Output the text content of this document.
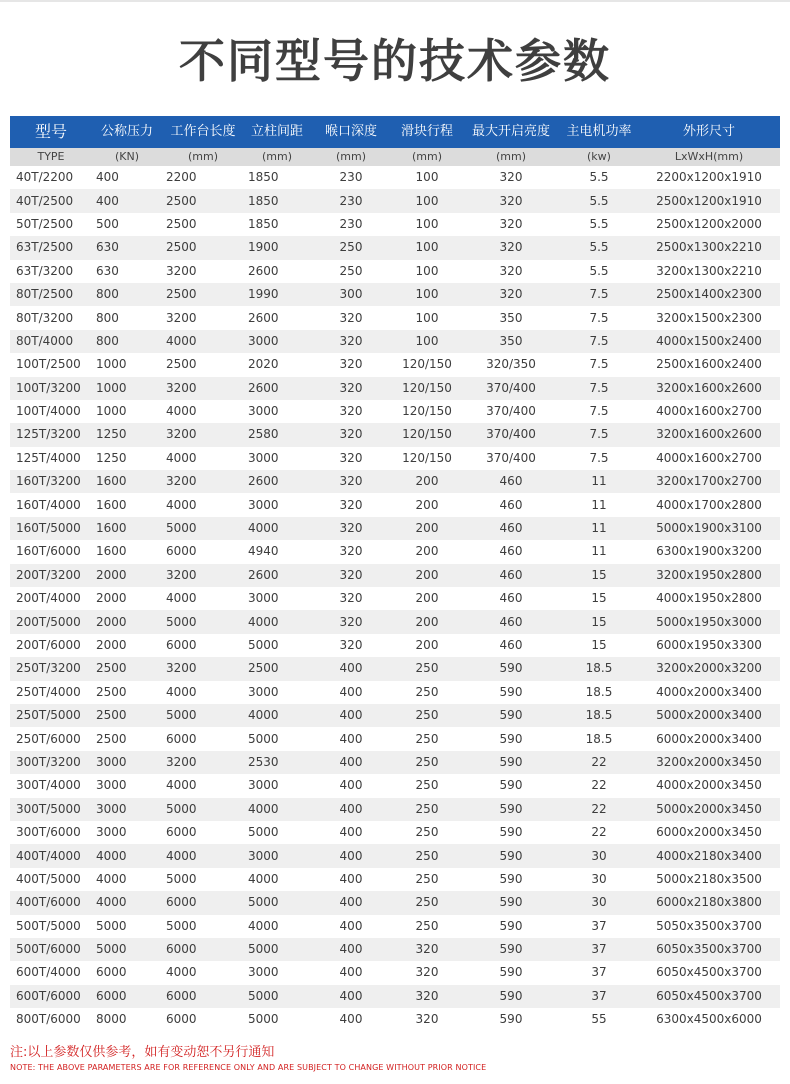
不同型号的技术参数
型号	公称压力	工作台长度	立柱间距	喉口深度	滑块行程	最大开启亮度	主电机功率	外形尺寸
TYPE	(KN)	(mm)	(mm)	(mm)	(mm)	(mm)	(kw)	LxWxH(mm)
40T/2200	400	2200	1850	230	100	320	5.5	2200x1200x1910
40T/2500	400	2500	1850	230	100	320	5.5	2500x1200x1910
50T/2500	500	2500	1850	230	100	320	5.5	2500x1200x2000
63T/2500	630	2500	1900	250	100	320	5.5	2500x1300x2210
63T/3200	630	3200	2600	250	100	320	5.5	3200x1300x2210
80T/2500	800	2500	1990	300	100	320	7.5	2500x1400x2300
80T/3200	800	3200	2600	320	100	350	7.5	3200x1500x2300
80T/4000	800	4000	3000	320	100	350	7.5	4000x1500x2400
100T/2500	1000	2500	2020	320	120/150	320/350	7.5	2500x1600x2400
100T/3200	1000	3200	2600	320	120/150	370/400	7.5	3200x1600x2600
100T/4000	1000	4000	3000	320	120/150	370/400	7.5	4000x1600x2700
125T/3200	1250	3200	2580	320	120/150	370/400	7.5	3200x1600x2600
125T/4000	1250	4000	3000	320	120/150	370/400	7.5	4000x1600x2700
160T/3200	1600	3200	2600	320	200	460	11	3200x1700x2700
160T/4000	1600	4000	3000	320	200	460	11	4000x1700x2800
160T/5000	1600	5000	4000	320	200	460	11	5000x1900x3100
160T/6000	1600	6000	4940	320	200	460	11	6300x1900x3200
200T/3200	2000	3200	2600	320	200	460	15	3200x1950x2800
200T/4000	2000	4000	3000	320	200	460	15	4000x1950x2800
200T/5000	2000	5000	4000	320	200	460	15	5000x1950x3000
200T/6000	2000	6000	5000	320	200	460	15	6000x1950x3300
250T/3200	2500	3200	2500	400	250	590	18.5	3200x2000x3200
250T/4000	2500	4000	3000	400	250	590	18.5	4000x2000x3400
250T/5000	2500	5000	4000	400	250	590	18.5	5000x2000x3400
250T/6000	2500	6000	5000	400	250	590	18.5	6000x2000x3400
300T/3200	3000	3200	2530	400	250	590	22	3200x2000x3450
300T/4000	3000	4000	3000	400	250	590	22	4000x2000x3450
300T/5000	3000	5000	4000	400	250	590	22	5000x2000x3450
300T/6000	3000	6000	5000	400	250	590	22	6000x2000x3450
400T/4000	4000	4000	3000	400	250	590	30	4000x2180x3400
400T/5000	4000	5000	4000	400	250	590	30	5000x2180x3500
400T/6000	4000	6000	5000	400	250	590	30	6000x2180x3800
500T/5000	5000	5000	4000	400	250	590	37	5050x3500x3700
500T/6000	5000	6000	5000	400	320	590	37	6050x3500x3700
600T/4000	6000	4000	3000	400	320	590	37	6050x4500x3700
600T/6000	6000	6000	5000	400	320	590	37	6050x4500x3700
800T/6000	8000	6000	5000	400	320	590	55	6300x4500x6000
注:以上参数仅供参考，如有变动恕不另行通知
NOTE: THE ABOVE PARAMETERS ARE FOR REFERENCE ONLY AND ARE SUBJECT TO CHANGE WITHOUT PRIOR NOTICE
